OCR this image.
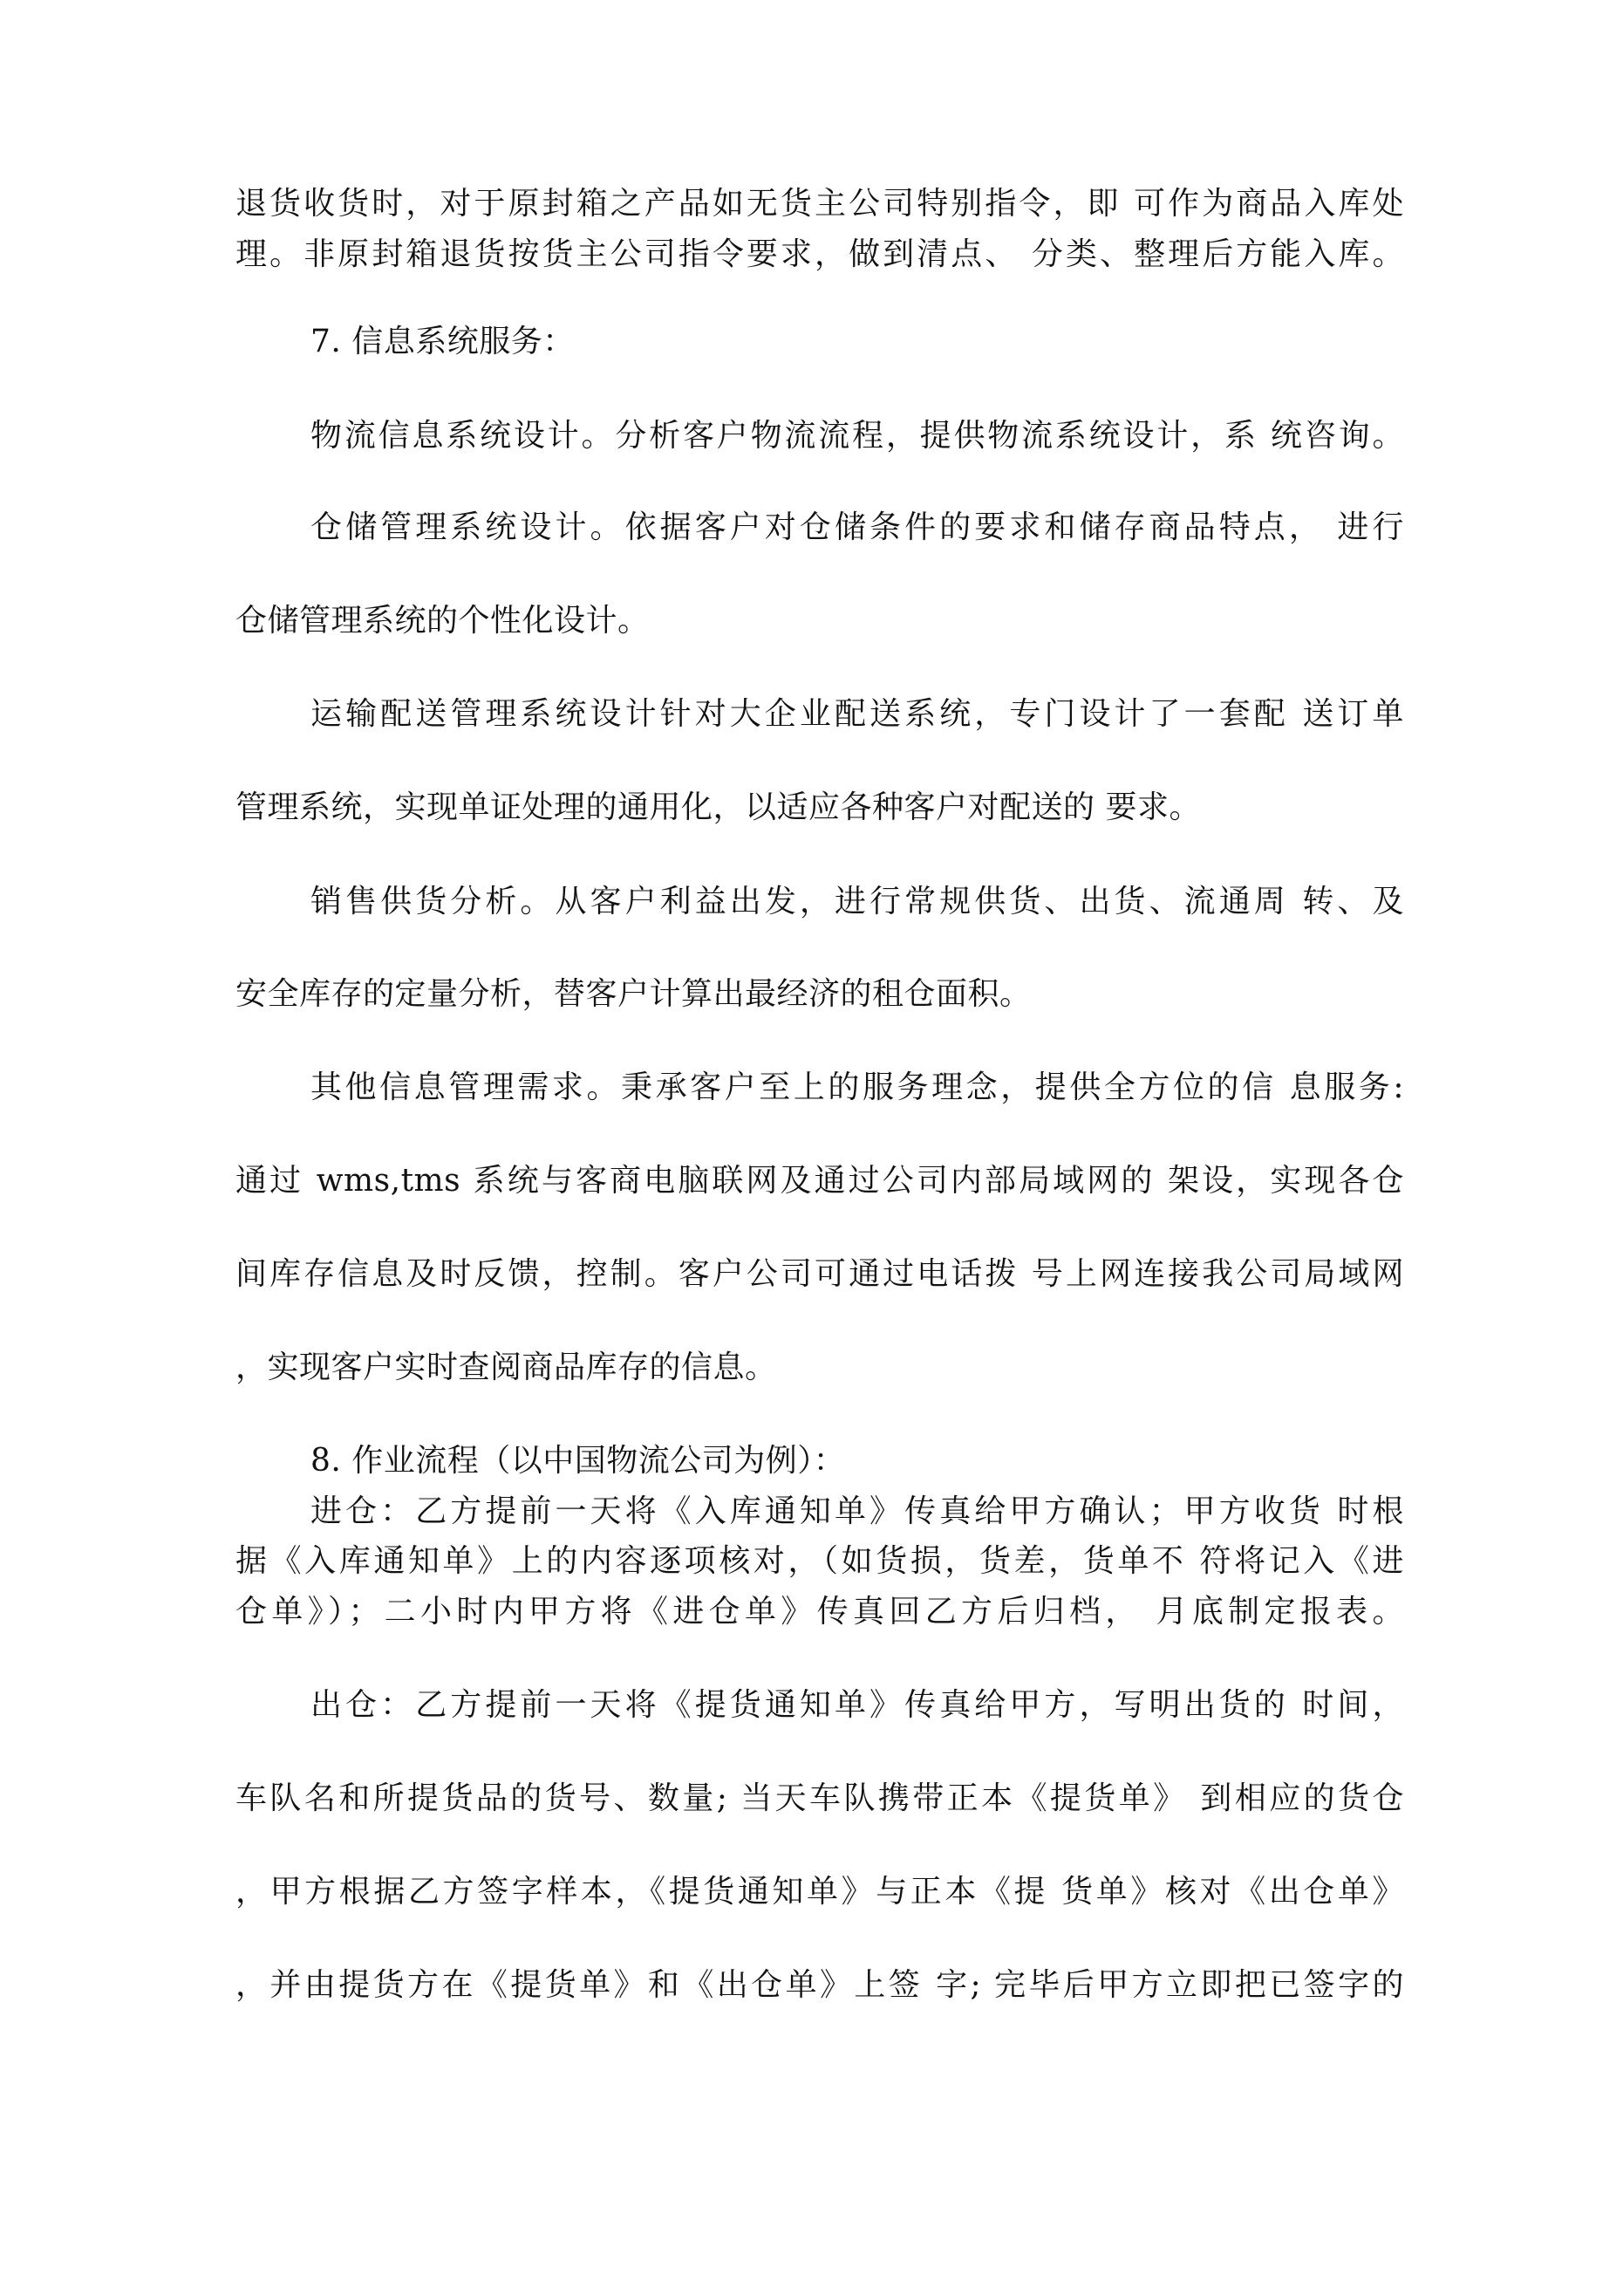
退货收货时，对于原封箱之产品如无货主公司特别指令，即 可作为商品入库处
理。非原封箱退货按货主公司指令要求，做到清点、 分类、整理后方能入库。
7. 信息系统服务：
物流信息系统设计。分析客户物流流程，提供物流系统设计，系 统咨询。
仓储管理系统设计。依据客户对仓储条件的要求和储存商品特点， 进行
仓储管理系统的个性化设计。
运输配送管理系统设计针对大企业配送系统，专门设计了一套配 送订单
管理系统，实现单证处理的通用化，以适应各种客户对配送的 要求。
销售供货分析。从客户利益出发，进行常规供货、出货、流通周 转、及
安全库存的定量分析，替客户计算出最经济的租仓面积。
其他信息管理需求。秉承客户至上的服务理念，提供全方位的信 息服务:
通过 wms,tms 系统与客商电脑联网及通过公司内部局域网的 架设，实现各仓
间库存信息及时反馈，控制。客户公司可通过电话拨 号上网连接我公司局域网
，实现客户实时查阅商品库存的信息。
8. 作业流程（以中国物流公司为例）：
进仓：乙方提前一天将《入库通知单》传真给甲方确认；甲方收货 时根
据《入库通知单》上的内容逐项核对，（如货损，货差，货单不 符将记入《进
仓单》）；二小时内甲方将《进仓单》传真回乙方后归档， 月底制定报表。
出仓：乙方提前一天将《提货通知单》传真给甲方，写明出货的 时间，
车队名和所提货品的货号、数量; 当天车队携带正本《提货单》 到相应的货仓
，甲方根据乙方签字样本，《提货通知单》与正本《提 货单》核对《出仓单》
，并由提货方在《提货单》和《出仓单》上签 字; 完毕后甲方立即把已签字的
